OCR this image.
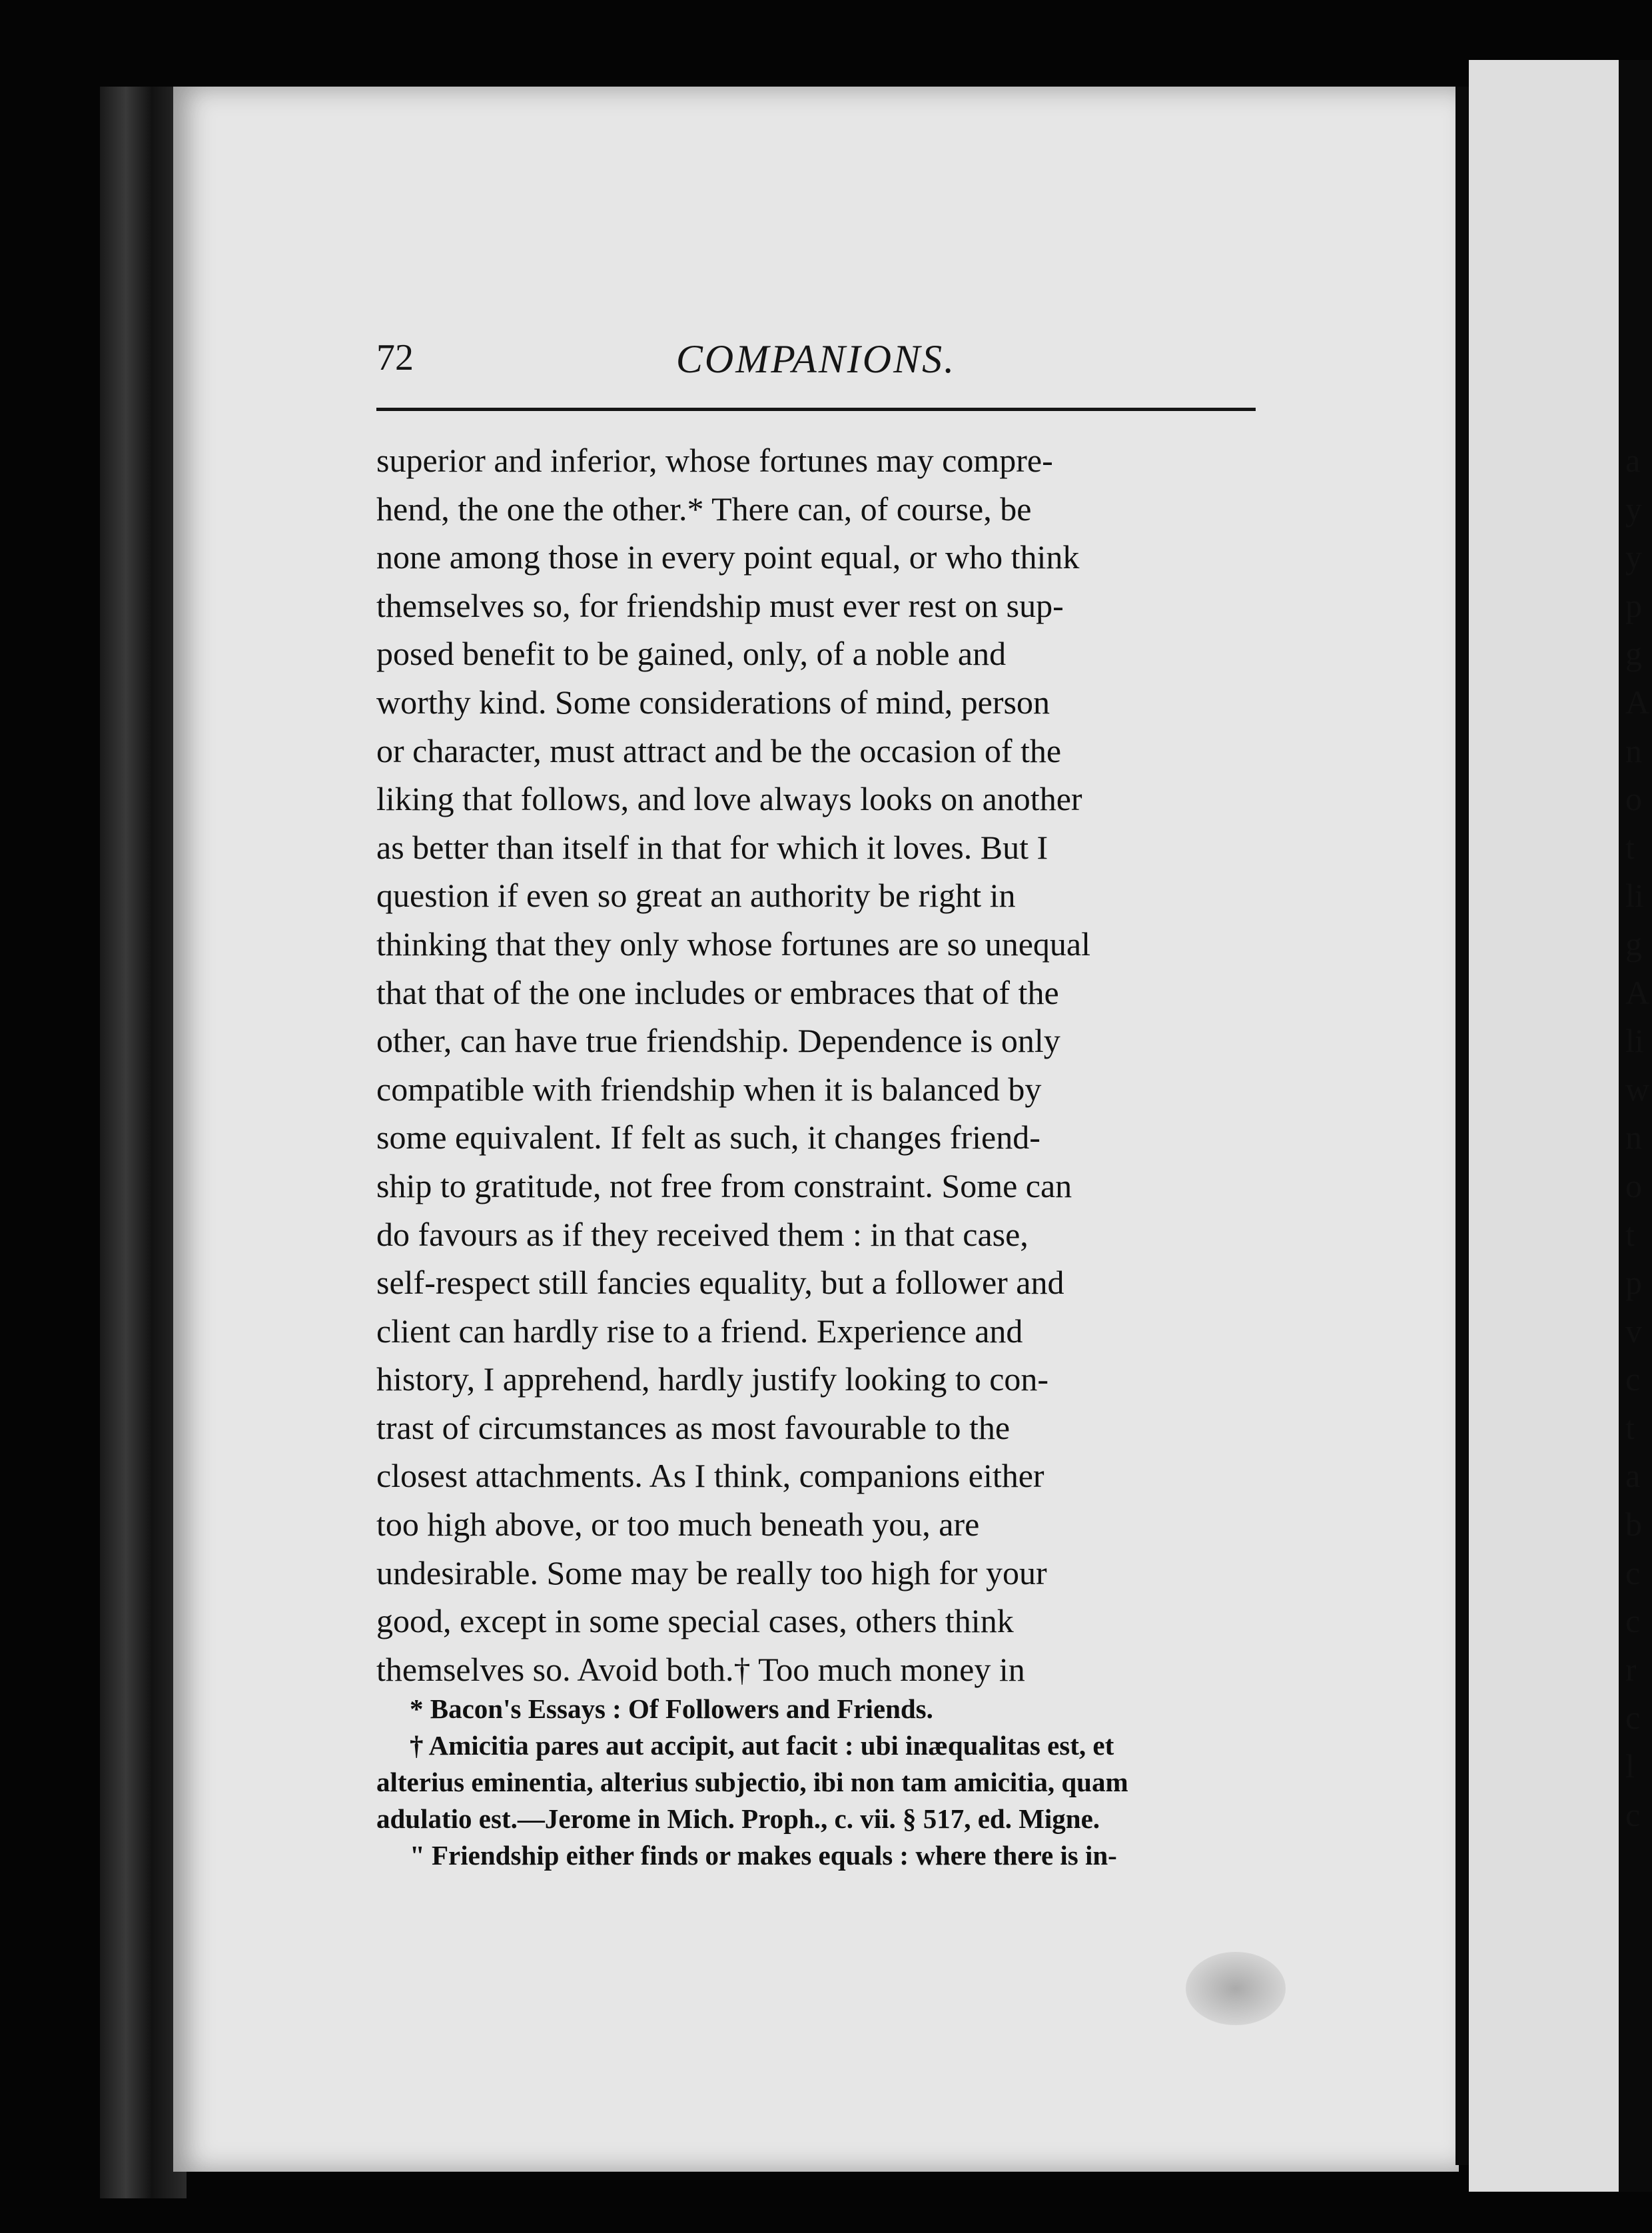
72	COMPANIONS.
superior and inferior, whose fortunes may compre-
hend, the one the other.* There can, of course, be
none among those in every point equal, or who think
themselves so, for friendship must ever rest on sup-
posed benefit to be gained, only, of a noble and
worthy kind. Some considerations of mind, person
or character, must attract and be the occasion of the
liking that follows, and love always looks on another
as better than itself in that for which it loves. But I
question if even so great an authority be right in
thinking that they only whose fortunes are so unequal
that that of the one includes or embraces that of the
other, can have true friendship. Dependence is only
compatible with friendship when it is balanced by
some equivalent. If felt as such, it changes friend-
ship to gratitude, not free from constraint. Some can
do favours as if they received them : in that case,
self-respect still fancies equality, but a follower and
client can hardly rise to a friend. Experience and
history, I apprehend, hardly justify looking to con-
trast of circumstances as most favourable to the
closest attachments. As I think, companions either
too high above, or too much beneath you, are
undesirable. Some may be really too high for your
good, except in some special cases, others think
themselves so. Avoid both.† Too much money in
* Bacon's Essays : Of Followers and Friends.
† Amicitia pares aut accipit, aut facit : ubi inæqualitas est, et
alterius eminentia, alterius subjectio, ibi non tam amicitia, quam
adulatio est.—Jerome in Mich. Proph., c. vii. § 517, ed. Migne.
" Friendship either finds or makes equals : where there is in-
a
y
y
p
g
A
n
o
t
li
g
A
li
w
n
o
t
p
v
c
t
a
b
c
c
r
c
l
c
